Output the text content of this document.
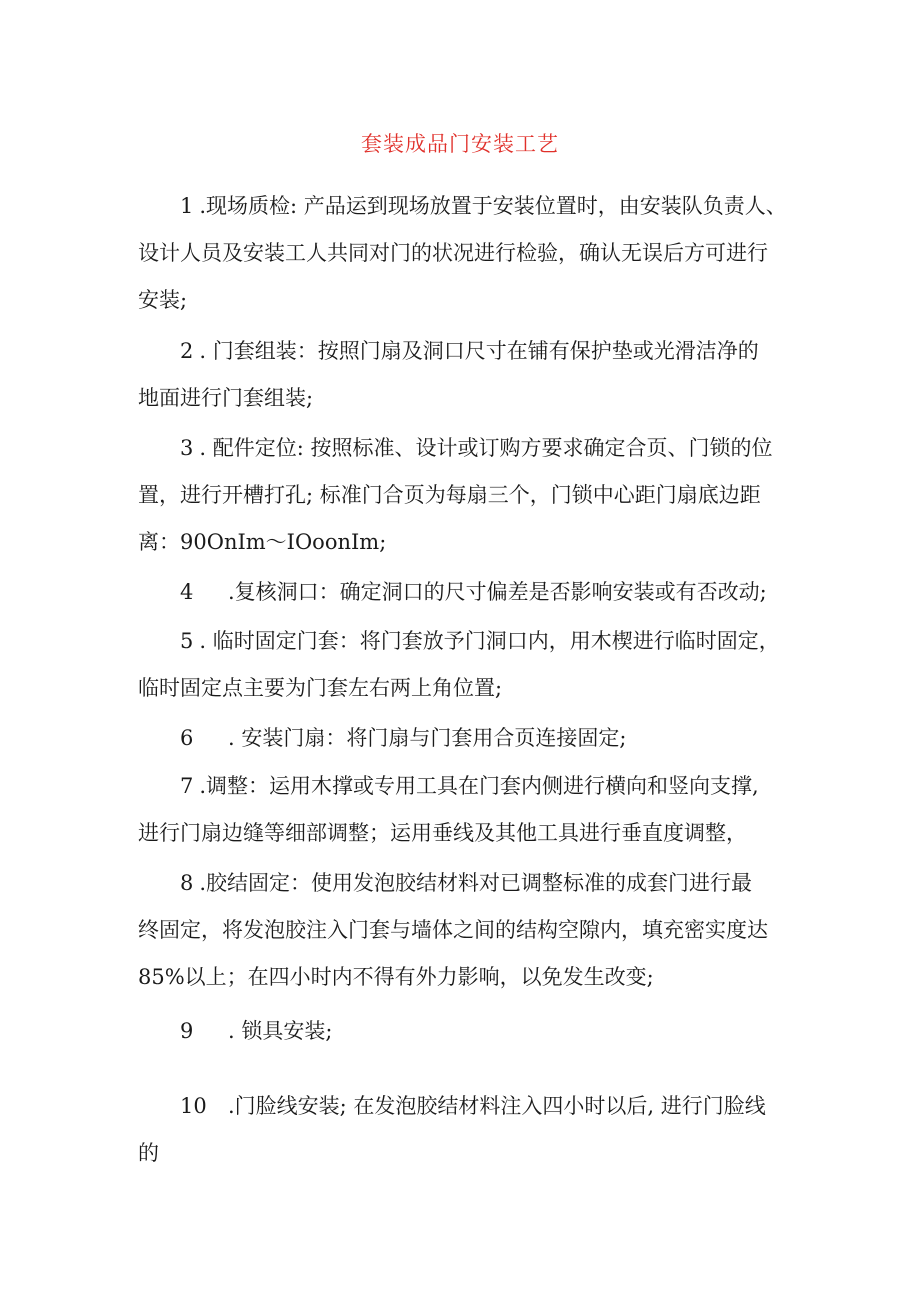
套装成品门安装工艺
1 .现场质检: 产品运到现场放置于安装位置时，由安装队负责人、
设计人员及安装工人共同对门的状况进行检验，确认无误后方可进行
安装;
2 . 门套组装：按照门扇及洞口尺寸在铺有保护垫或光滑洁净的
地面进行门套组装;
3 . 配件定位: 按照标准、设计或订购方要求确定合页、门锁的位
置，进行开槽打孔; 标准门合页为每扇三个，门锁中心距门扇底边距
离：90OnIm～IOoonIm;
4 .复核洞口：确定洞口的尺寸偏差是否影响安装或有否改动;
5 . 临时固定门套：将门套放予门洞口内，用木楔进行临时固定，
临时固定点主要为门套左右两上角位置;
6 . 安装门扇：将门扇与门套用合页连接固定;
7 .调整：运用木撑或专用工具在门套内侧进行横向和竖向支撑,
进行门扇边缝等细部调整；运用垂线及其他工具进行垂直度调整，
8 .胶结固定：使用发泡胶结材料对已调整标准的成套门进行最
终固定，将发泡胶注入门套与墙体之间的结构空隙内，填充密实度达
85%以上；在四小时内不得有外力影响，以免发生改变;
9 . 锁具安装;
10 .门脸线安装; 在发泡胶结材料注入四小时以后, 进行门脸线
的
